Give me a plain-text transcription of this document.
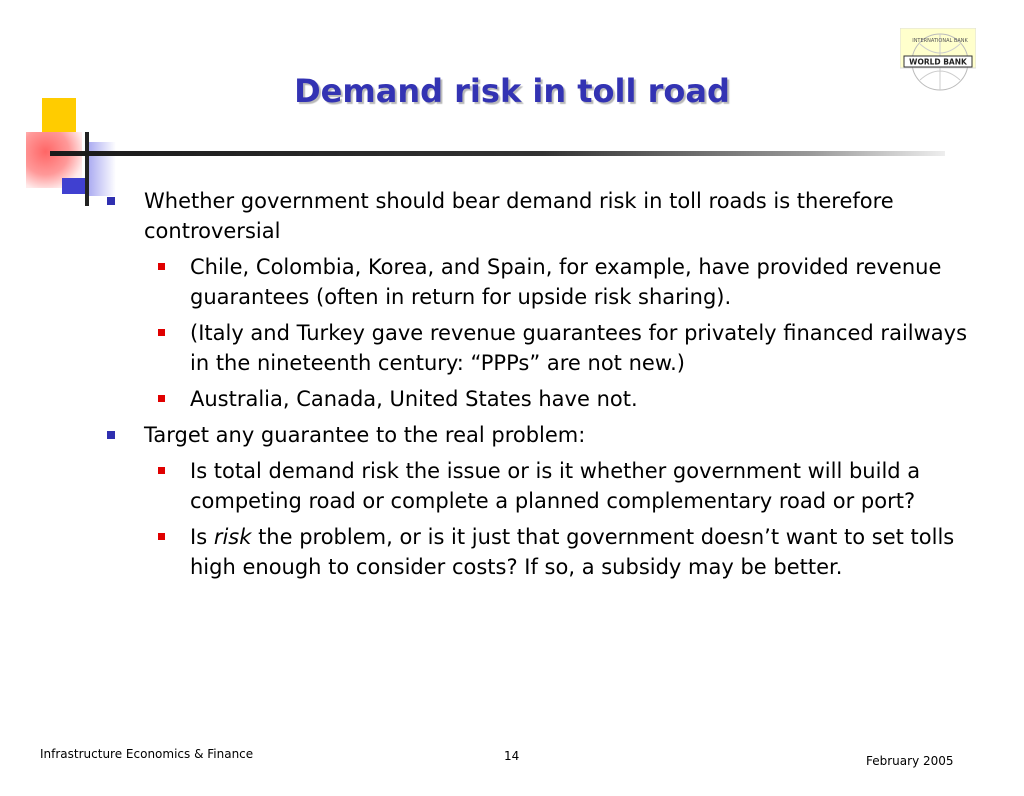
INTERNATIONAL BANK
WORLD BANK
Demand risk in toll road
Whether government should bear demand risk in toll roads is therefore controversial
Chile, Colombia, Korea, and Spain, for example, have provided revenue guarantees (often in return for upside risk sharing).
(Italy and Turkey gave revenue guarantees for privately financed railways in the nineteenth century: “PPPs” are not new.)
Australia, Canada, United States have not.
Target any guarantee to the real problem:
Is total demand risk the issue or is it whether government will build a competing road or complete a planned complementary road or port?
Is risk the problem, or is it just that government doesn’t want to set tolls high enough to consider costs? If so, a subsidy may be better.
Infrastructure Economics & Finance	14	February 2005
